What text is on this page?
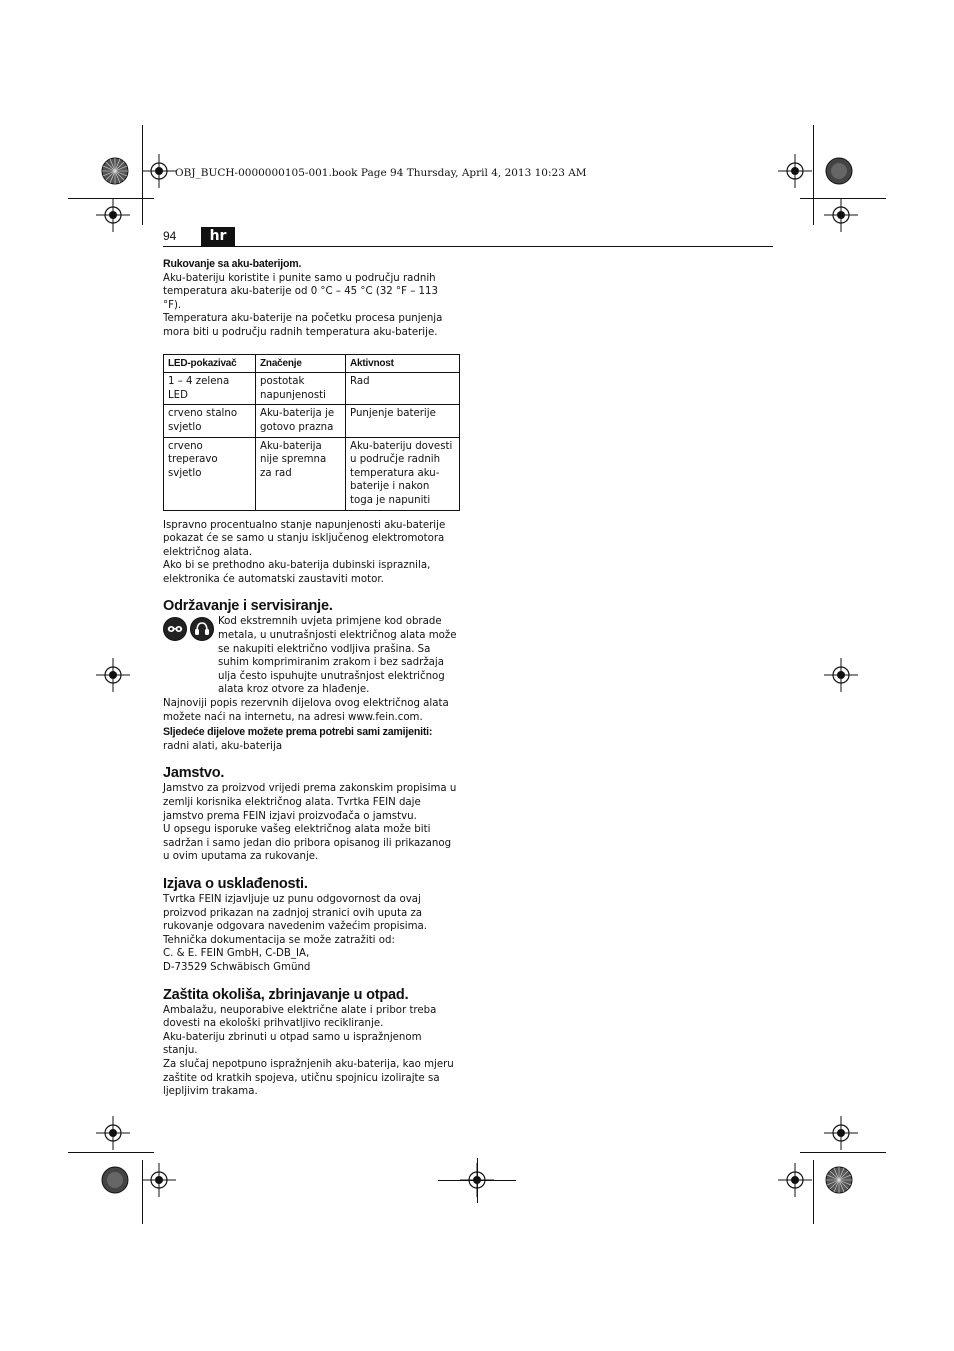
OBJ_BUCH-0000000105-001.book Page 94 Thursday, April 4, 2013 10:23 AM
94	hr

Rukovanje sa aku-baterijom.

Aku-bateriju koristite i punite samo u području radnih temperatura aku-baterije od 0 °C – 45 °C (32 °F – 113 °F).

Temperatura aku-baterije na početku procesa punjenja mora biti u području radnih temperatura aku-baterije.

LED-pokazivač	Značenje	Aktivnost
1 – 4 zelena LED	postotak napunjenosti	Rad
crveno stalno svjetlo	Aku-baterija je gotovo prazna	Punjenje baterije
crveno treperavo svjetlo	Aku-baterija nije spremna za rad	Aku-bateriju dovesti u područje radnih temperatura aku-baterije i nakon toga je napuniti

Ispravno procentualno stanje napunjenosti aku-baterije pokazat će se samo u stanju isključenog elektromotora električnog alata.

Ako bi se prethodno aku-baterija dubinski ispraznila, elektronika će automatski zaustaviti motor.

Održavanje i servisiranje.

Kod ekstremnih uvjeta primjene kod obrade metala, u unutrašnjosti električnog alata može se nakupiti električno vodljiva prašina. Sa suhim komprimiranim zrakom i bez sadržaja ulja često ispuhujte unutrašnjost električnog alata kroz otvore za hlađenje.

Najnoviji popis rezervnih dijelova ovog električnog alata možete naći na internetu, na adresi www.fein.com.

Sljedeće dijelove možete prema potrebi sami zamijeniti:

radni alati, aku-baterija

Jamstvo.

Jamstvo za proizvod vrijedi prema zakonskim propisima u zemlji korisnika električnog alata. Tvrtka FEIN daje jamstvo prema FEIN izjavi proizvođača o jamstvu.

U opsegu isporuke vašeg električnog alata može biti sadržan i samo jedan dio pribora opisanog ili prikazanog u ovim uputama za rukovanje.

Izjava o usklađenosti.

Tvrtka FEIN izjavljuje uz punu odgovornost da ovaj proizvod prikazan na zadnjoj stranici ovih uputa za rukovanje odgovara navedenim važećim propisima.

Tehnička dokumentacija se može zatražiti od:

C. & E. FEIN GmbH, C-DB_IA,

D-73529 Schwäbisch Gmünd

Zaštita okoliša, zbrinjavanje u otpad.

Ambalažu, neuporabive električne alate i pribor treba dovesti na ekološki prihvatljivo recikliranje.

Aku-bateriju zbrinuti u otpad samo u ispražnjenom stanju.

Za slučaj nepotpuno ispražnjenih aku-baterija, kao mjeru zaštite od kratkih spojeva, utičnu spojnicu izolirajte sa ljepljivim trakama.
